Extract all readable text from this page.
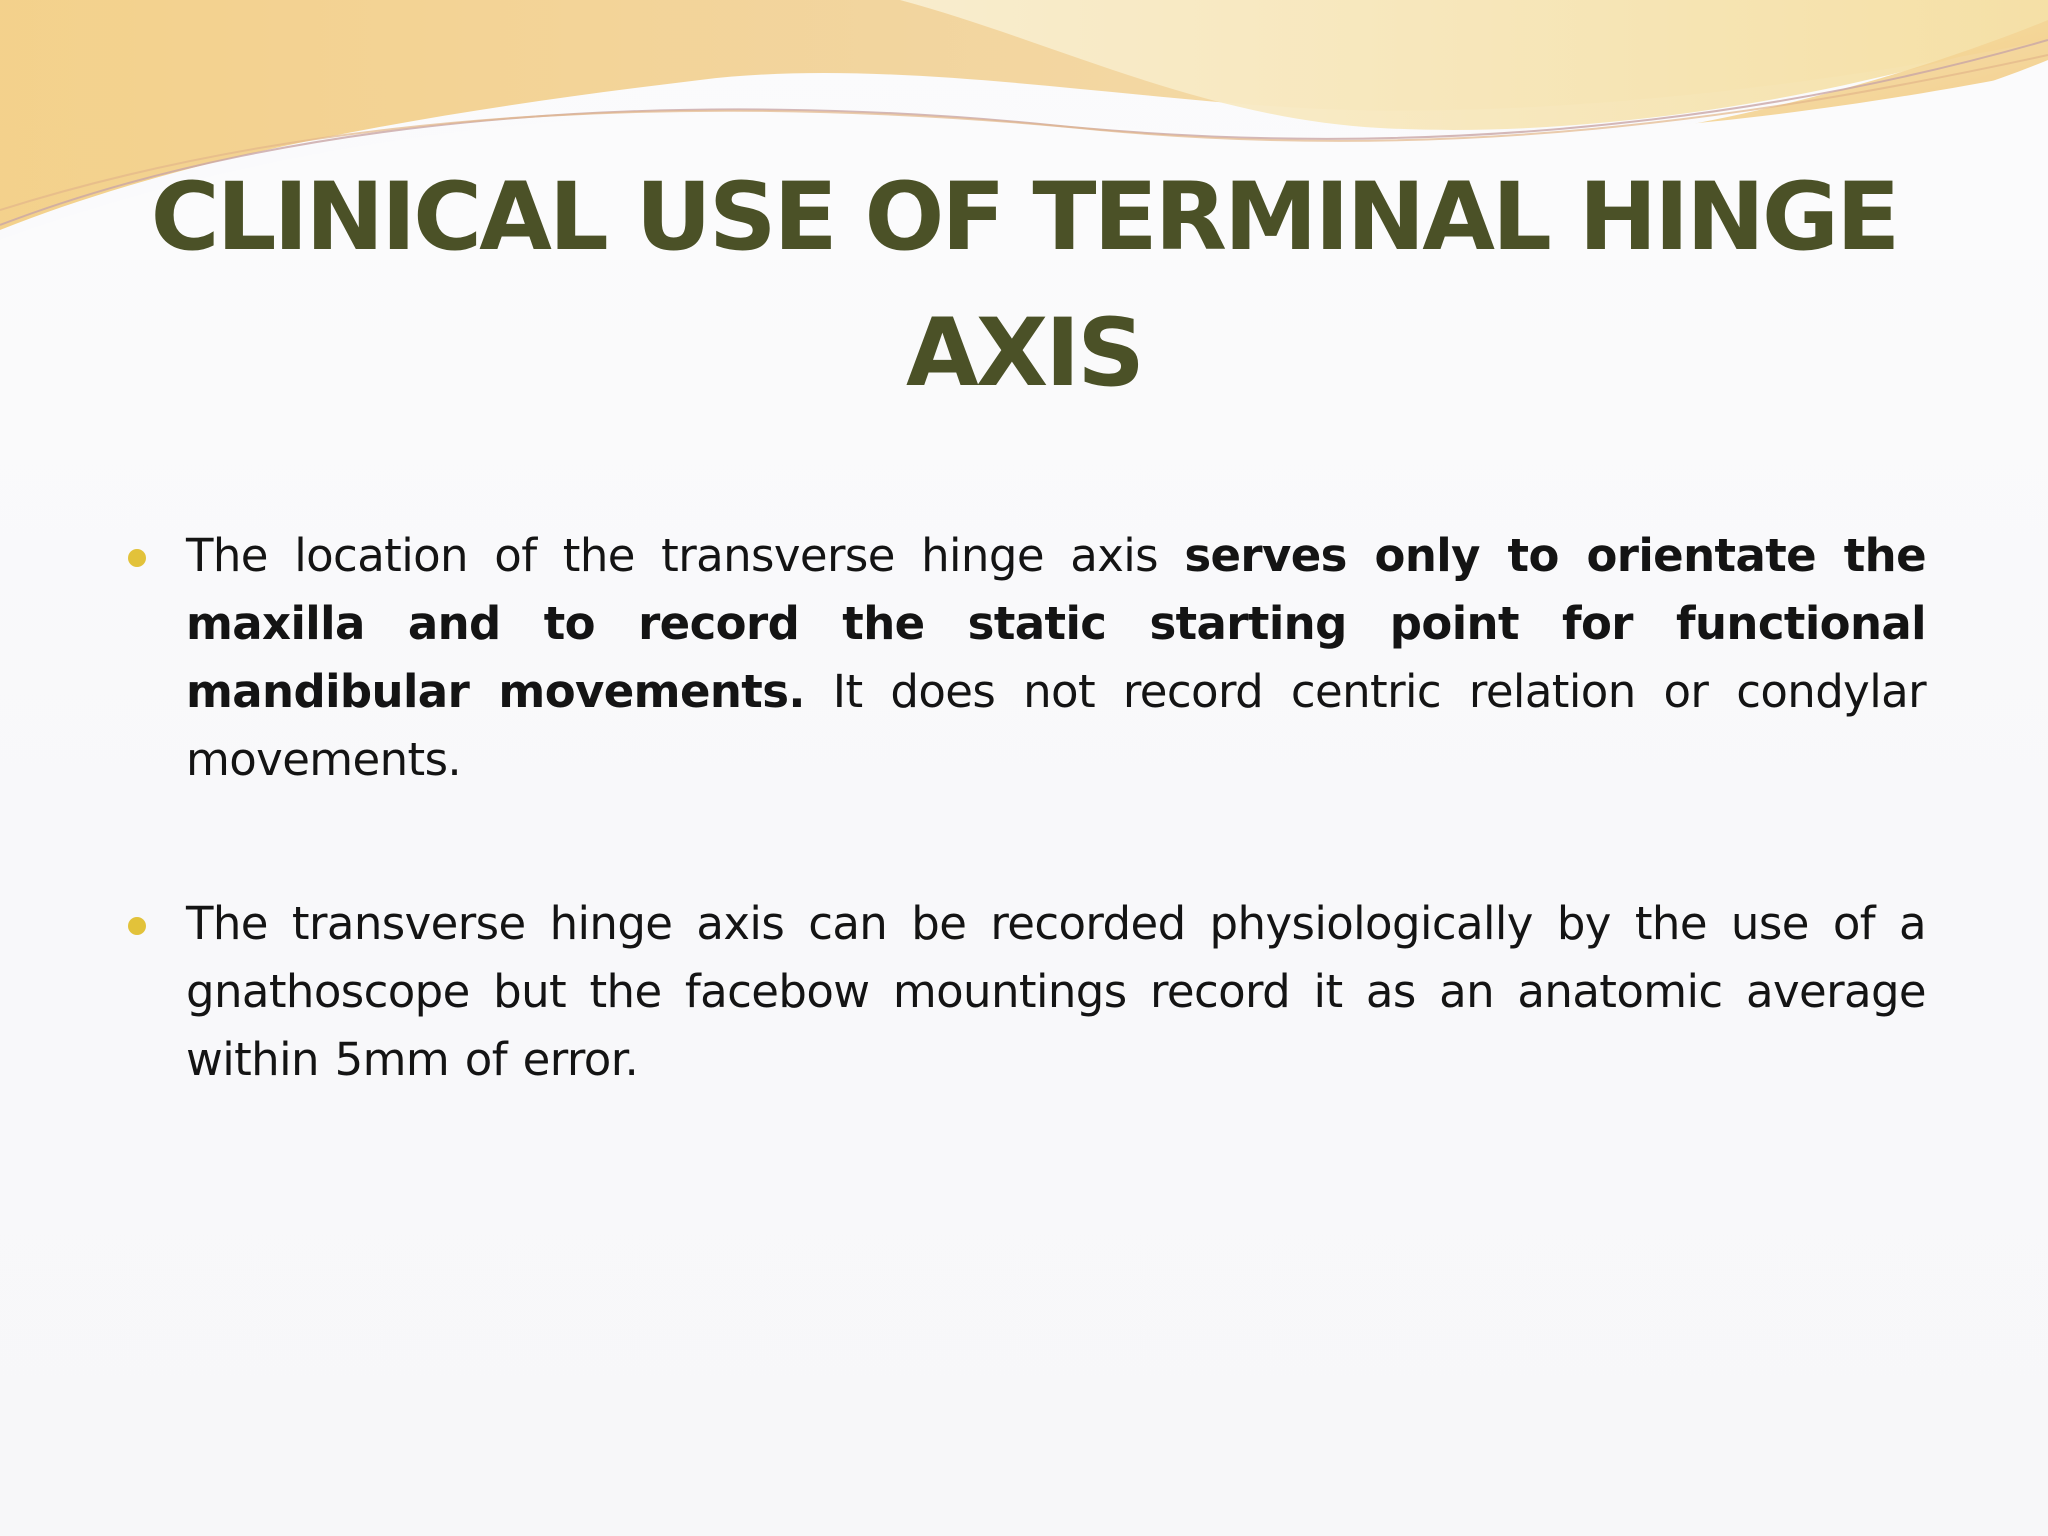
CLINICAL USE OF TERMINAL HINGE AXIS
The location of the transverse hinge axis serves only to orientate the maxilla and to record the static starting point for functional mandibular movements. It does not record centric relation or condylar movements.
The transverse hinge axis can be recorded physiologically by the use of a gnathoscope but the facebow mountings record it as an anatomic average within 5mm of error.
